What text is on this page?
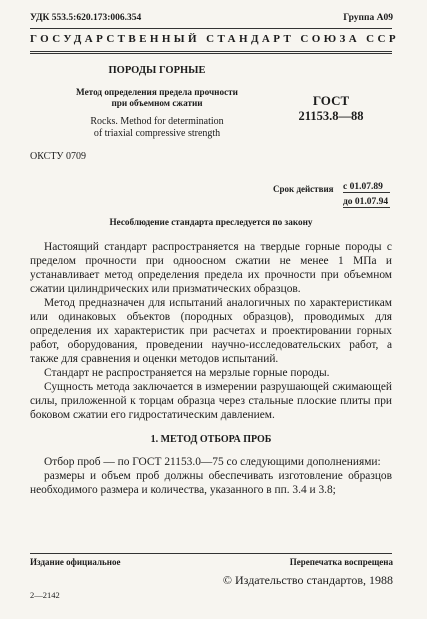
УДК 553.5:620.173:006.354	Группа А09
ГОСУДАРСТВЕННЫЙ СТАНДАРТ СОЮЗА ССР
ПОРОДЫ ГОРНЫЕ
Метод определения предела прочности
при объемном сжатии
Rocks. Method for determination
of triaxial compressive strength
ГОСТ
21153.8—88
ОКСТУ 0709
Срок действия с 01.07.89
до 01.07.94
Несоблюдение стандарта преследуется по закону

Настоящий стандарт распространяется на твердые горные породы с пределом прочности при одноосном сжатии не менее 1 МПа и устанавливает метод определения предела их прочности при объемном сжатии цилиндрических или призматических образцов.

Метод предназначен для испытаний аналогичных по характеристикам или одинаковых объектов (породных образцов), проводимых для определения их характеристик при расчетах и проектировании горных работ, оборудования, проведении научно-исследовательских работ, а также для сравнения и оценки методов испытаний.

Стандарт не распространяется на мерзлые горные породы.

Сущность метода заключается в измерении разрушающей сжимающей силы, приложенной к торцам образца через стальные плоские плиты при боковом сжатии его гидростатическим давлением.

1. МЕТОД ОТБОРА ПРОБ

Отбор проб — по ГОСТ 21153.0—75 со следующими дополнениями:

размеры и объем проб должны обеспечивать изготовление образцов необходимого размера и количества, указанного в пп. 3.4 и 3.8;

Издание официальное	Перепечатка воспрещена
© Издательство стандартов, 1988
2—2142
